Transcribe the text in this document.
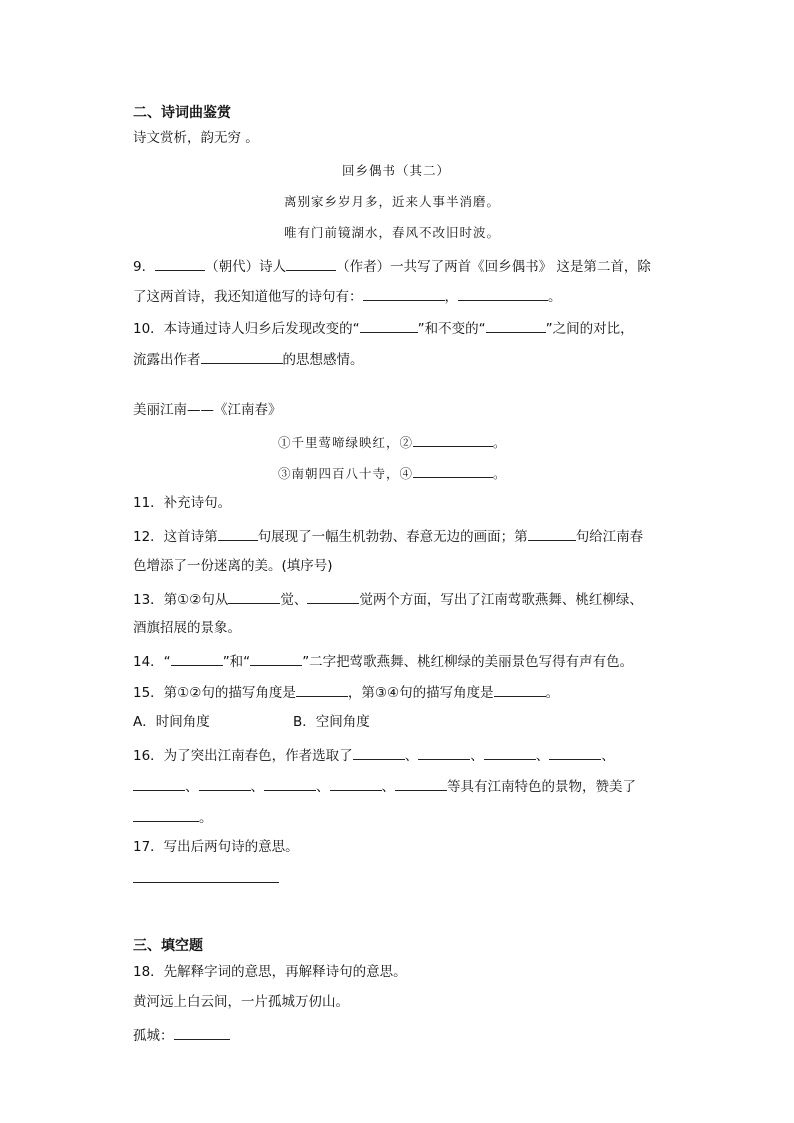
二、诗词曲鉴赏
诗文赏析，韵无穷 。
回乡偶书（其二）
离别家乡岁月多，近来人事半消磨。
唯有门前镜湖水，春风不改旧时波。
9．	（朝代）诗人	（作者）一共写了两首《回乡偶书》 这是第二首，除
了这两首诗，我还知道他写的诗句有：	，	。
10．本诗通过诗人归乡后发现改变的“	”和不变的“	”之间的对比，
流露出作者	的思想感情。
美丽江南——《江南春》
①千里莺啼绿映红，②	。
③南朝四百八十寺，④	。
11．补充诗句。
12．这首诗第	句展现了一幅生机勃勃、春意无边的画面；第	句给江南春
色增添了一份迷离的美。(填序号)
13．第①②句从	觉、	觉两个方面，写出了江南莺歌燕舞、桃红柳绿、
酒旗招展的景象。
14．“	”和“	”二字把莺歌燕舞、桃红柳绿的美丽景色写得有声有色。
15．第①②句的描写角度是	，第③④句的描写角度是	。
A．时间角度	B．空间角度
16．为了突出江南春色，作者选取了	、	、	、	、
、	、	、	、	等具有江南特色的景物，赞美了
。
17．写出后两句诗的意思。
三、填空题
18．先解释字词的意思，再解释诗句的意思。
黄河远上白云间，一片孤城万仞山。
孤城：
